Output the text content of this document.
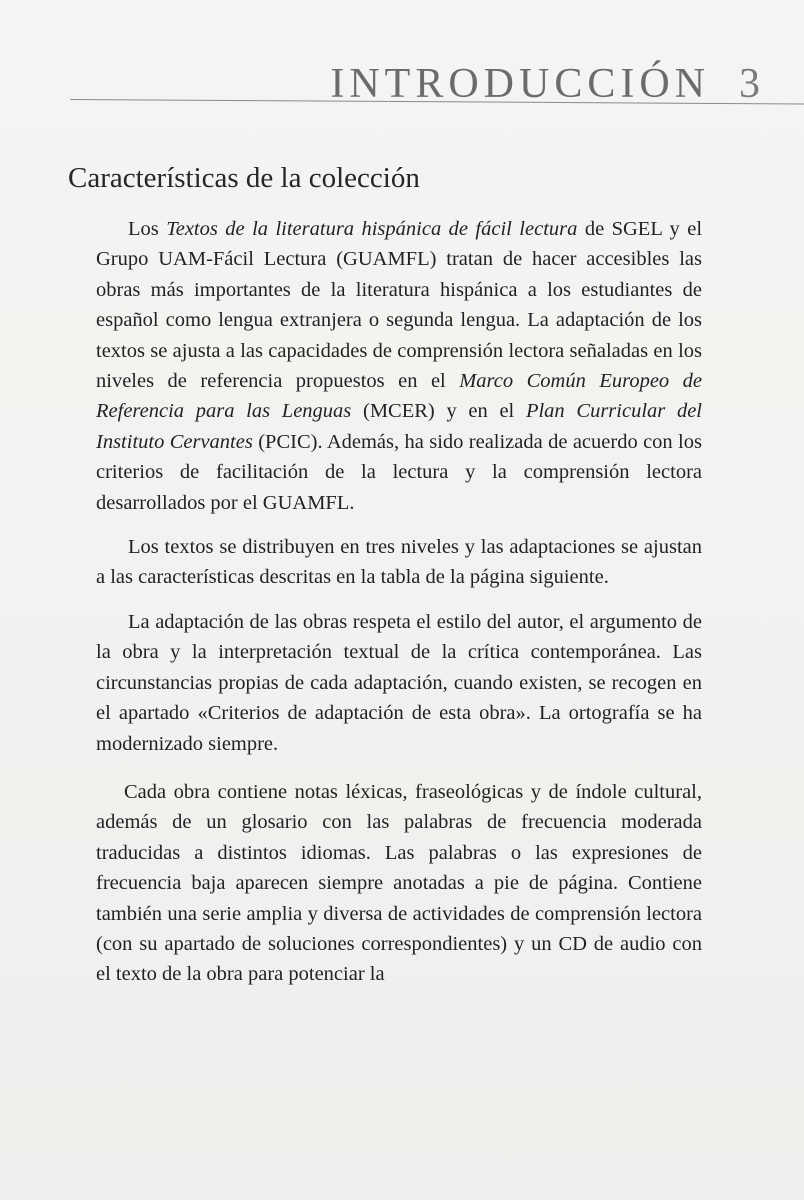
INTRODUCCIÓN 3
Características de la colección

Los Textos de la literatura hispánica de fácil lectura de SGEL y el Grupo UAM-Fácil Lectura (GUAMFL) tratan de hacer accesibles las obras más importantes de la literatura hispánica a los estudiantes de español como lengua extranjera o segunda lengua. La adaptación de los textos se ajusta a las capacidades de comprensión lectora señaladas en los niveles de referencia propuestos en el Marco Común Europeo de Referencia para las Lenguas (MCER) y en el Plan Curricular del Instituto Cervantes (PCIC). Además, ha sido realizada de acuerdo con los criterios de facilitación de la lectura y la comprensión lectora desarrollados por el GUAMFL.

Los textos se distribuyen en tres niveles y las adaptaciones se ajustan a las características descritas en la tabla de la página siguiente.

La adaptación de las obras respeta el estilo del autor, el argumento de la obra y la interpretación textual de la crítica contemporánea. Las circunstancias propias de cada adaptación, cuando existen, se recogen en el apartado «Criterios de adaptación de esta obra». La ortografía se ha modernizado siempre.

Cada obra contiene notas léxicas, fraseológicas y de índole cultural, además de un glosario con las palabras de frecuencia moderada traducidas a distintos idiomas. Las palabras o las expresiones de frecuencia baja aparecen siempre anotadas a pie de página. Contiene también una serie amplia y diversa de actividades de comprensión lectora (con su apartado de soluciones correspondientes) y un CD de audio con el texto de la obra para potenciar la
